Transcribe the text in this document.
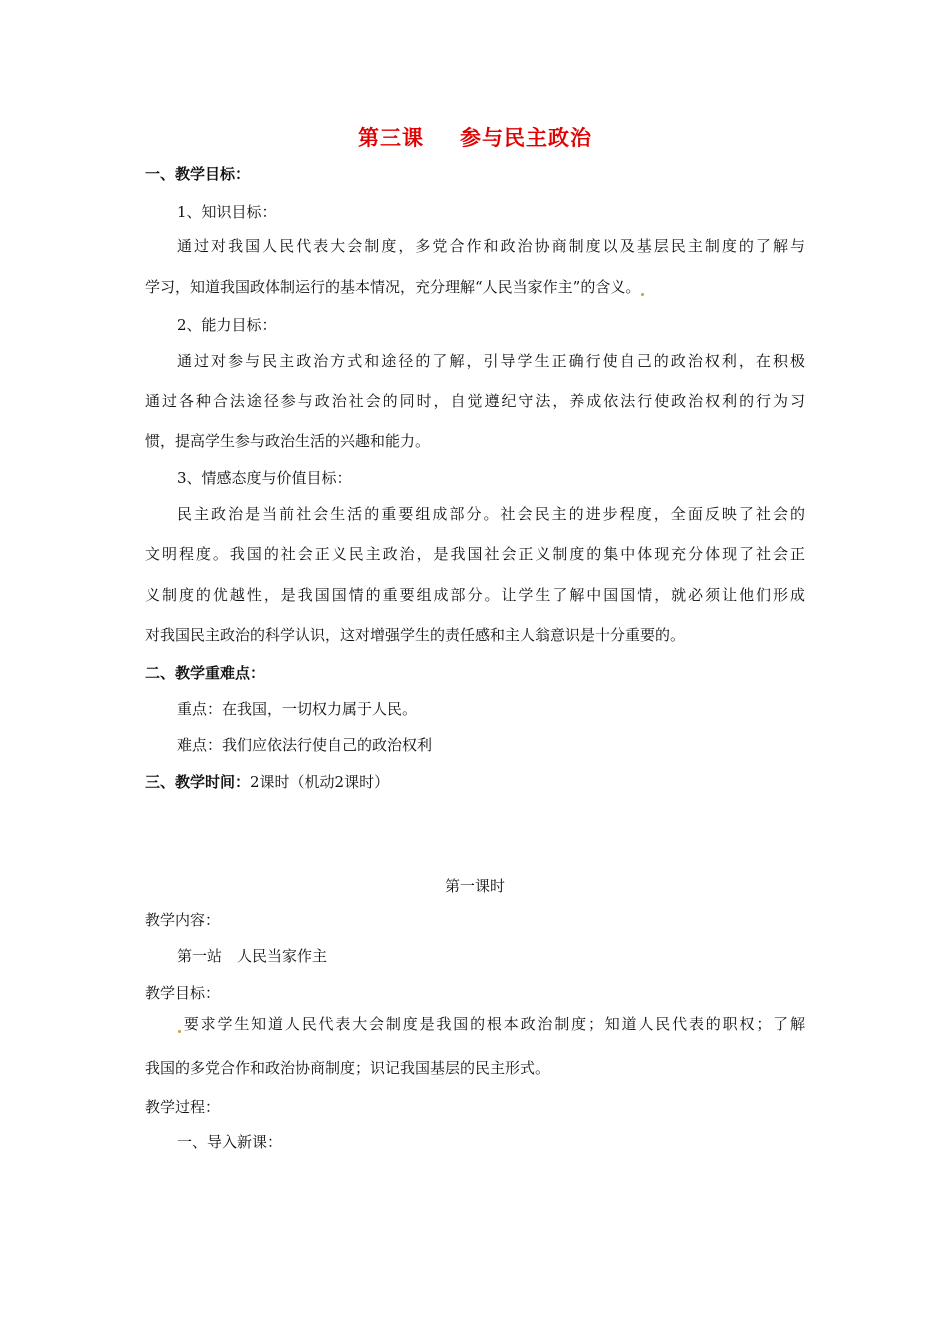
第三课 参与民主政治
一、教学目标：
1、知识目标：
通过对我国人民代表大会制度，多党合作和政治协商制度以及基层民主制度的了解与
学习，知道我国政体制运行的基本情况，充分理解“人民当家作主”的含义。
2、能力目标：
通过对参与民主政治方式和途径的了解，引导学生正确行使自己的政治权利，在积极
通过各种合法途径参与政治社会的同时，自觉遵纪守法，养成依法行使政治权利的行为习
惯，提高学生参与政治生活的兴趣和能力。
3、情感态度与价值目标：
民主政治是当前社会生活的重要组成部分。社会民主的进步程度，全面反映了社会的
文明程度。我国的社会正义民主政治，是我国社会正义制度的集中体现充分体现了社会正
义制度的优越性，是我国国情的重要组成部分。让学生了解中国国情，就必须让他们形成
对我国民主政治的科学认识，这对增强学生的责任感和主人翁意识是十分重要的。
二、教学重难点：
重点：在我国，一切权力属于人民。
难点：我们应依法行使自己的政治权利
三、教学时间：2课时（机动2课时）
第一课时
教学内容：
第一站　人民当家作主
教学目标：
要求学生知道人民代表大会制度是我国的根本政治制度；知道人民代表的职权；了解
我国的多党合作和政治协商制度；识记我国基层的民主形式。
教学过程：
一、导入新课：
